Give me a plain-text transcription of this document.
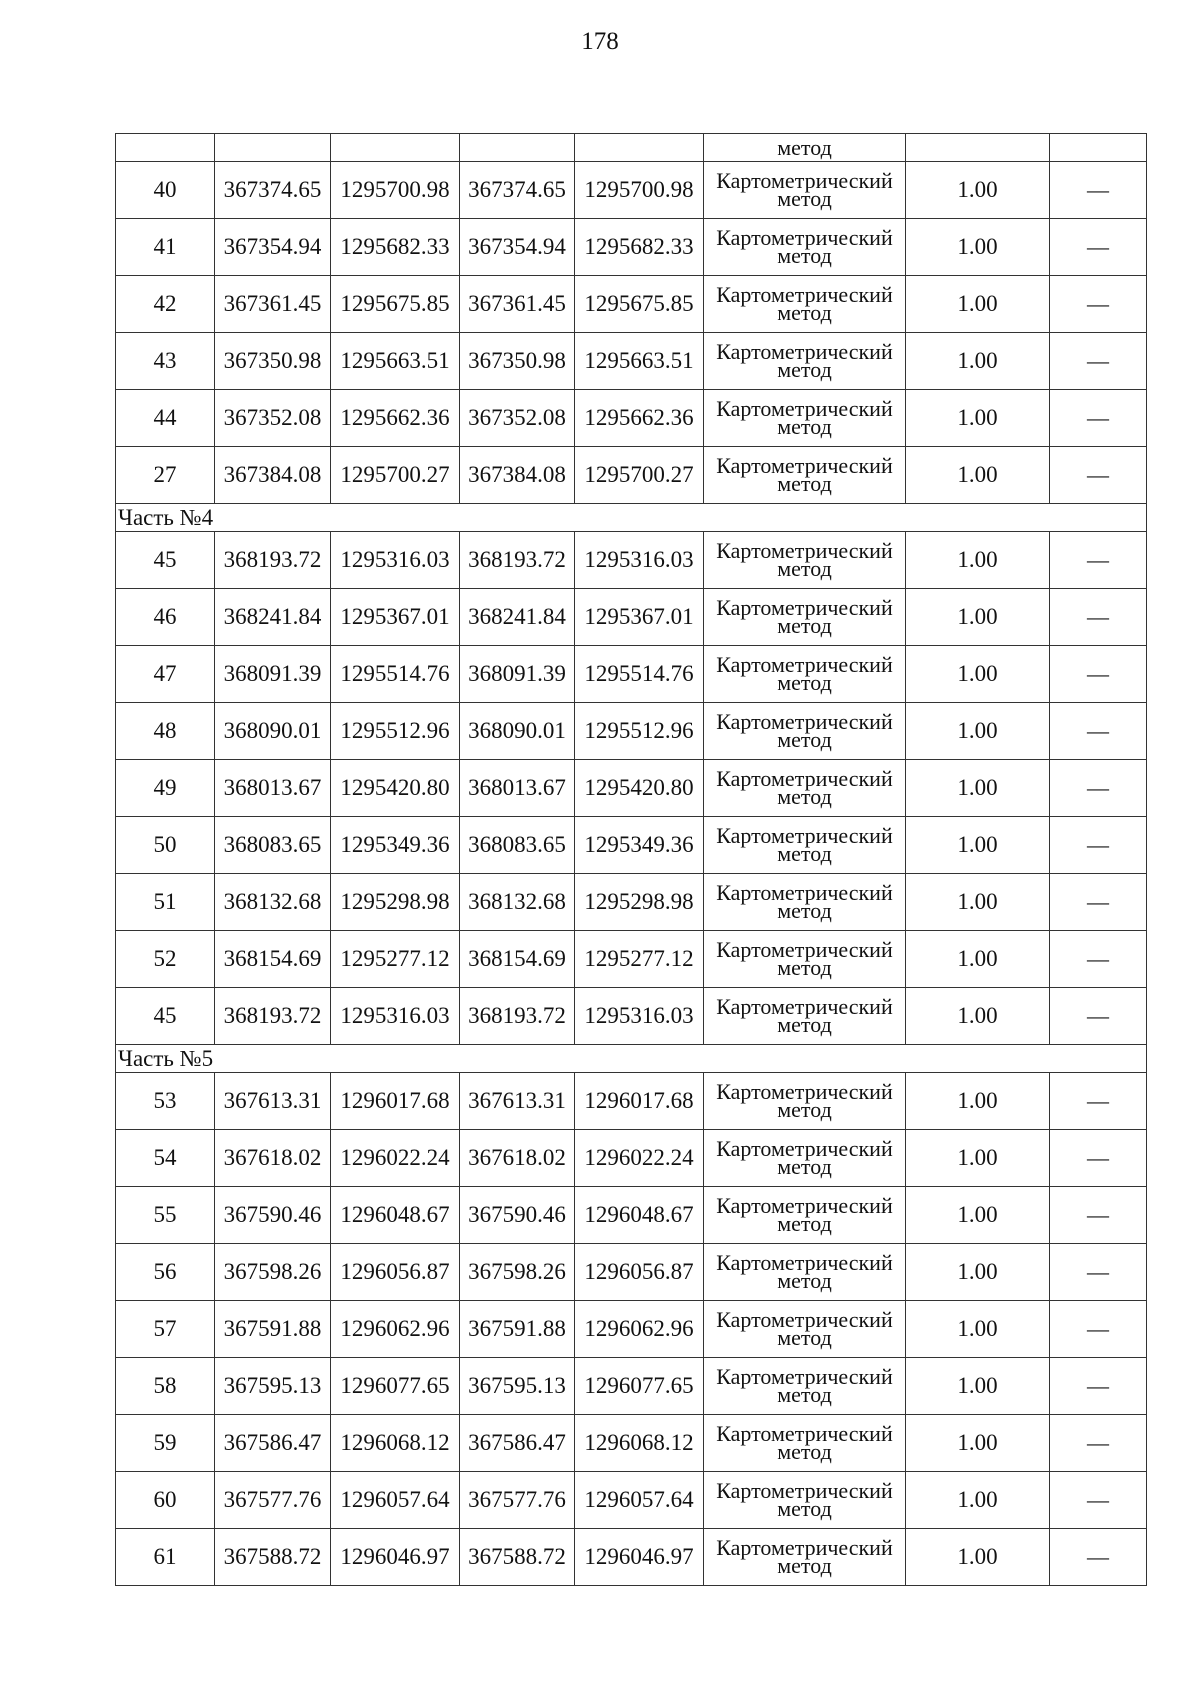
178
					метод		
40	367374.65	1295700.98	367374.65	1295700.98	Картометрический
метод	1.00	—
41	367354.94	1295682.33	367354.94	1295682.33	Картометрический
метод	1.00	—
42	367361.45	1295675.85	367361.45	1295675.85	Картометрический
метод	1.00	—
43	367350.98	1295663.51	367350.98	1295663.51	Картометрический
метод	1.00	—
44	367352.08	1295662.36	367352.08	1295662.36	Картометрический
метод	1.00	—
27	367384.08	1295700.27	367384.08	1295700.27	Картометрический
метод	1.00	—
Часть №4							
45	368193.72	1295316.03	368193.72	1295316.03	Картометрический
метод	1.00	—
46	368241.84	1295367.01	368241.84	1295367.01	Картометрический
метод	1.00	—
47	368091.39	1295514.76	368091.39	1295514.76	Картометрический
метод	1.00	—
48	368090.01	1295512.96	368090.01	1295512.96	Картометрический
метод	1.00	—
49	368013.67	1295420.80	368013.67	1295420.80	Картометрический
метод	1.00	—
50	368083.65	1295349.36	368083.65	1295349.36	Картометрический
метод	1.00	—
51	368132.68	1295298.98	368132.68	1295298.98	Картометрический
метод	1.00	—
52	368154.69	1295277.12	368154.69	1295277.12	Картометрический
метод	1.00	—
45	368193.72	1295316.03	368193.72	1295316.03	Картометрический
метод	1.00	—
Часть №5							
53	367613.31	1296017.68	367613.31	1296017.68	Картометрический
метод	1.00	—
54	367618.02	1296022.24	367618.02	1296022.24	Картометрический
метод	1.00	—
55	367590.46	1296048.67	367590.46	1296048.67	Картометрический
метод	1.00	—
56	367598.26	1296056.87	367598.26	1296056.87	Картометрический
метод	1.00	—
57	367591.88	1296062.96	367591.88	1296062.96	Картометрический
метод	1.00	—
58	367595.13	1296077.65	367595.13	1296077.65	Картометрический
метод	1.00	—
59	367586.47	1296068.12	367586.47	1296068.12	Картометрический
метод	1.00	—
60	367577.76	1296057.64	367577.76	1296057.64	Картометрический
метод	1.00	—
61	367588.72	1296046.97	367588.72	1296046.97	Картометрический
метод	1.00	—
